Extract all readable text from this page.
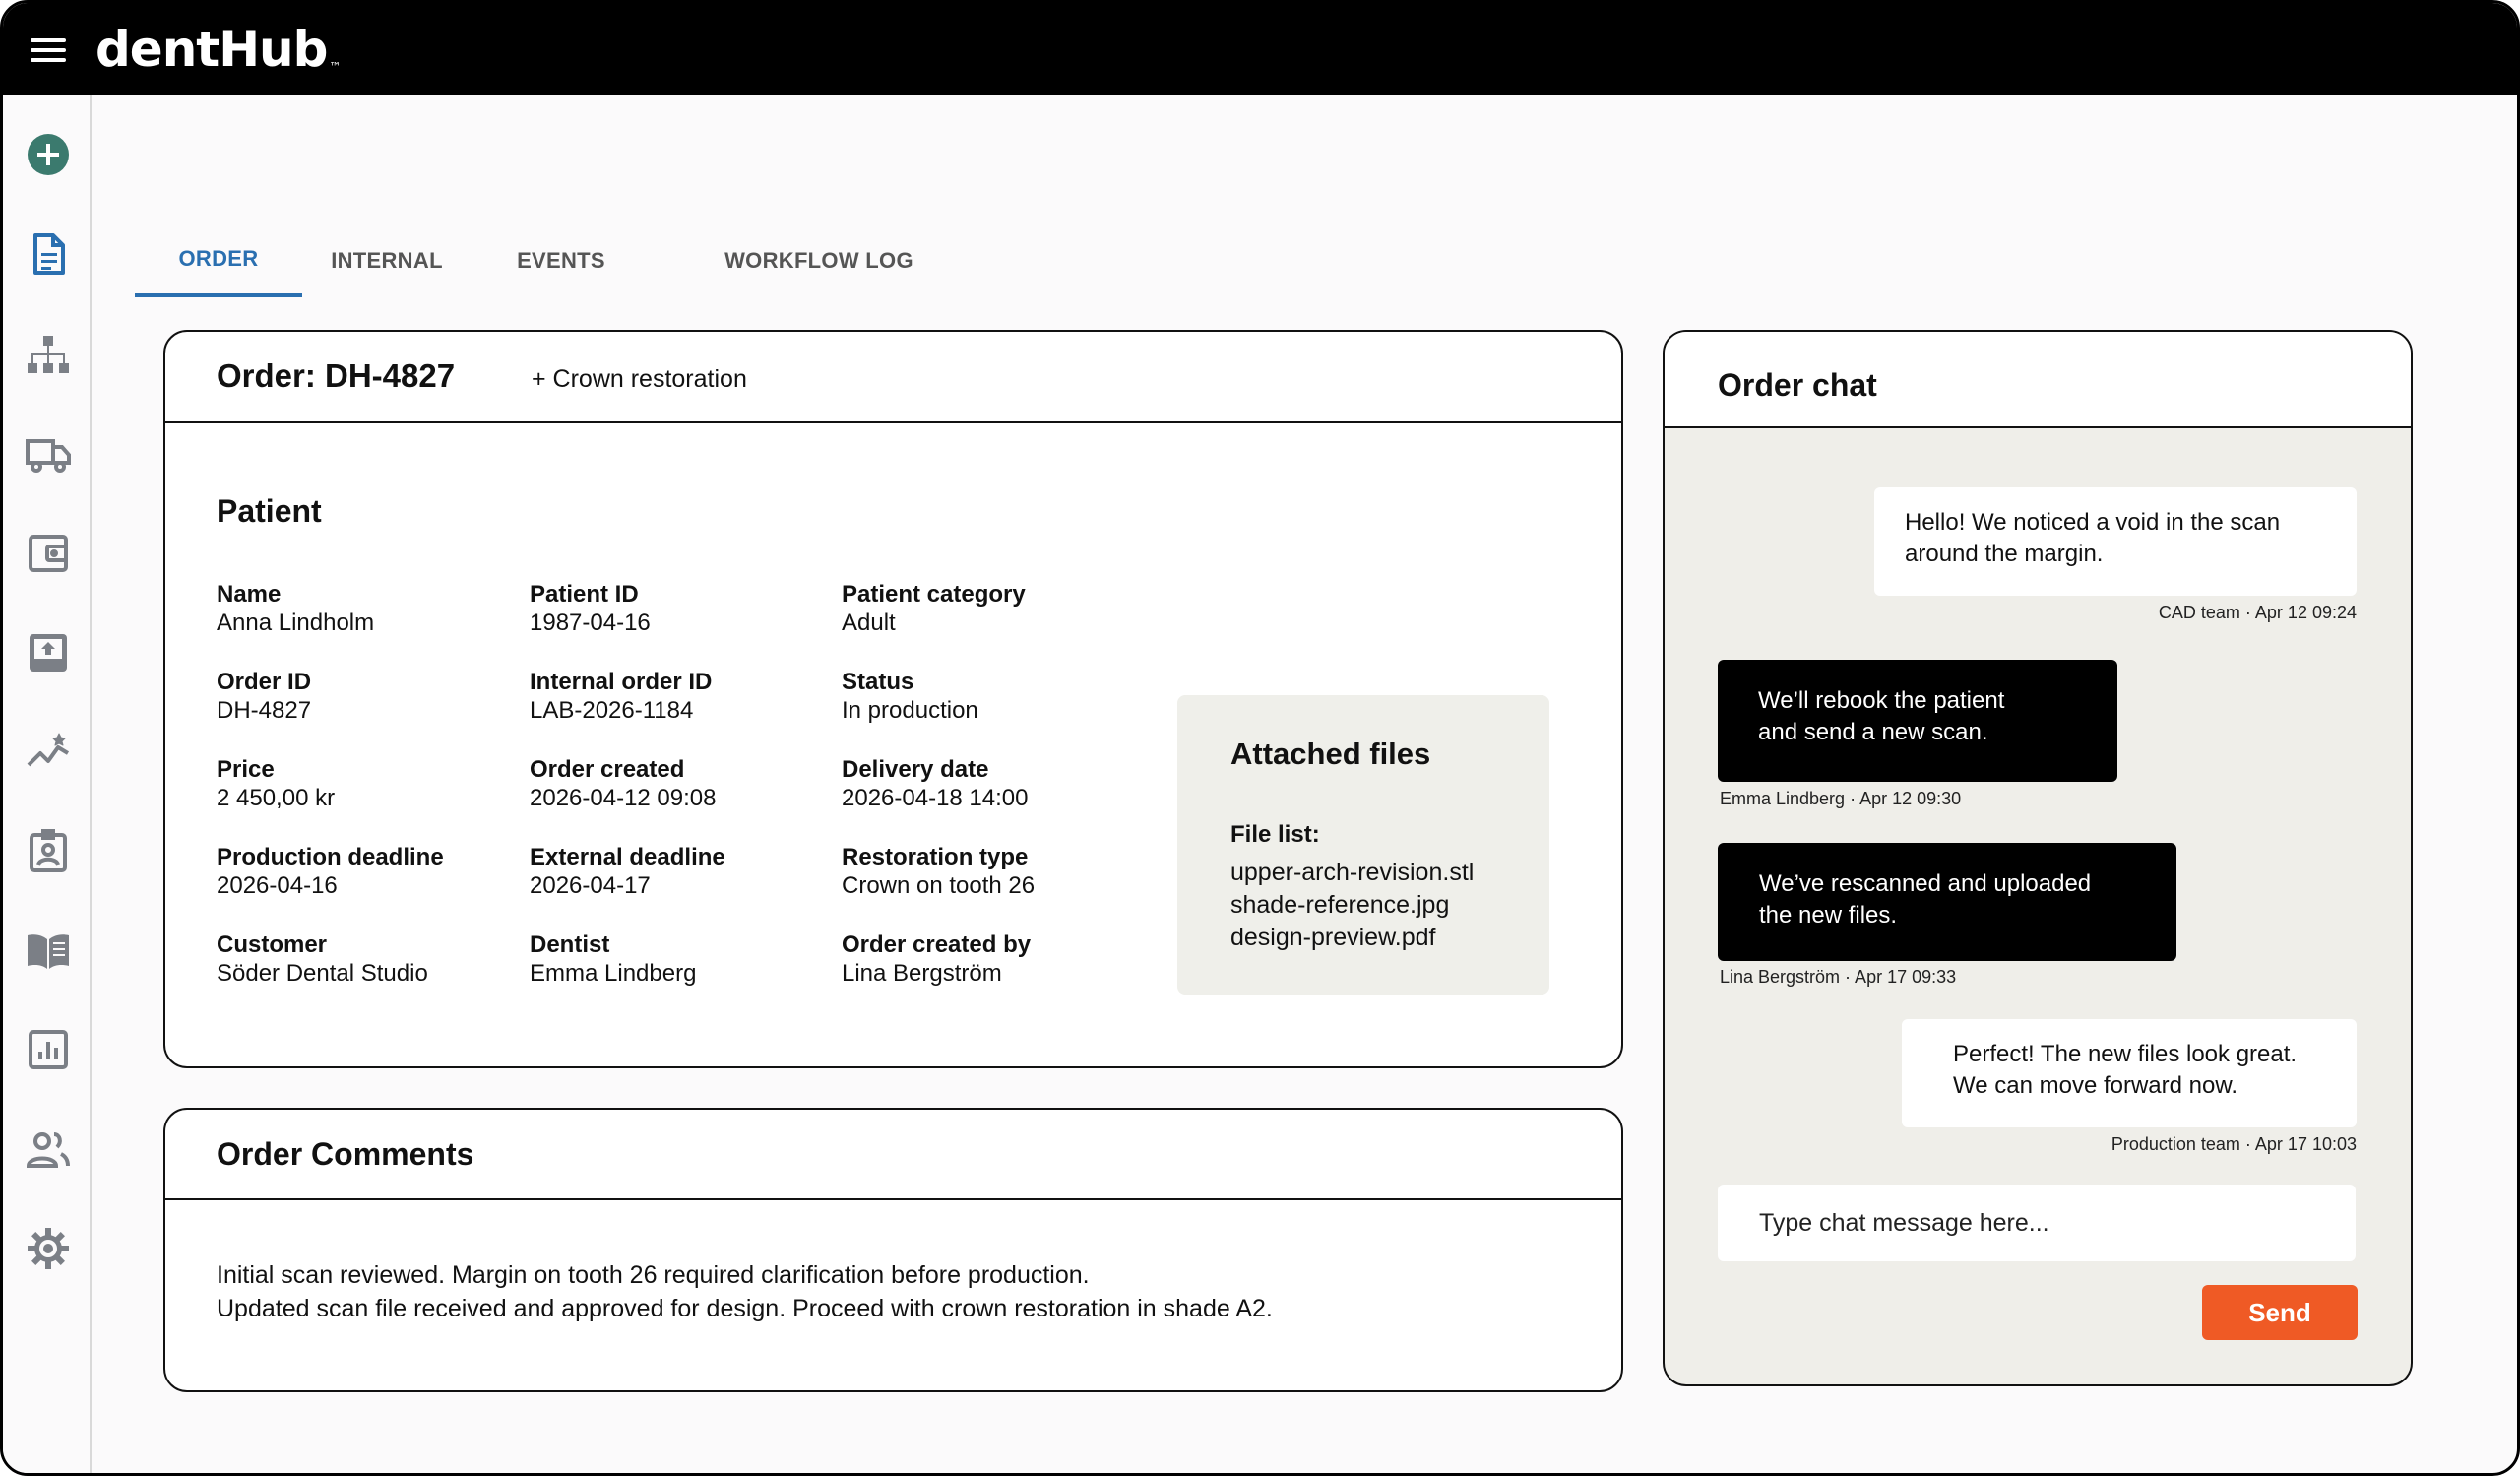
dentHub ™
ORDER	INTERNAL	EVENTS	WORKFLOW LOG
Order: DH-4827	+ Crown restoration
Patient
Name
Anna Lindholm
Patient ID
1987-04-16
Patient category
Adult
Order ID
DH-4827
Internal order ID
LAB-2026-1184
Status
In production
Price
2 450,00 kr
Order created
2026-04-12 09:08
Delivery date
2026-04-18 14:00
Production deadline
2026-04-16
External deadline
2026-04-17
Restoration type
Crown on tooth 26
Customer
Söder Dental Studio
Dentist
Emma Lindberg
Order created by
Lina Bergström
Attached files
File list:
upper-arch-revision.stl
shade-reference.jpg
design-preview.pdf
Order Comments
Initial scan reviewed. Margin on tooth 26 required clarification before production.
Updated scan file received and approved for design. Proceed with crown restoration in shade A2.
Order chat
Hello! We noticed a void in the scan
around the margin.
CAD team · Apr 12 09:24
We’ll rebook the patient
and send a new scan.
Emma Lindberg · Apr 12 09:30
We’ve rescanned and uploaded
the new files.
Lina Bergström · Apr 17 09:33
Perfect! The new files look great.
We can move forward now.
Production team · Apr 17 10:03
Type chat message here...
Send
